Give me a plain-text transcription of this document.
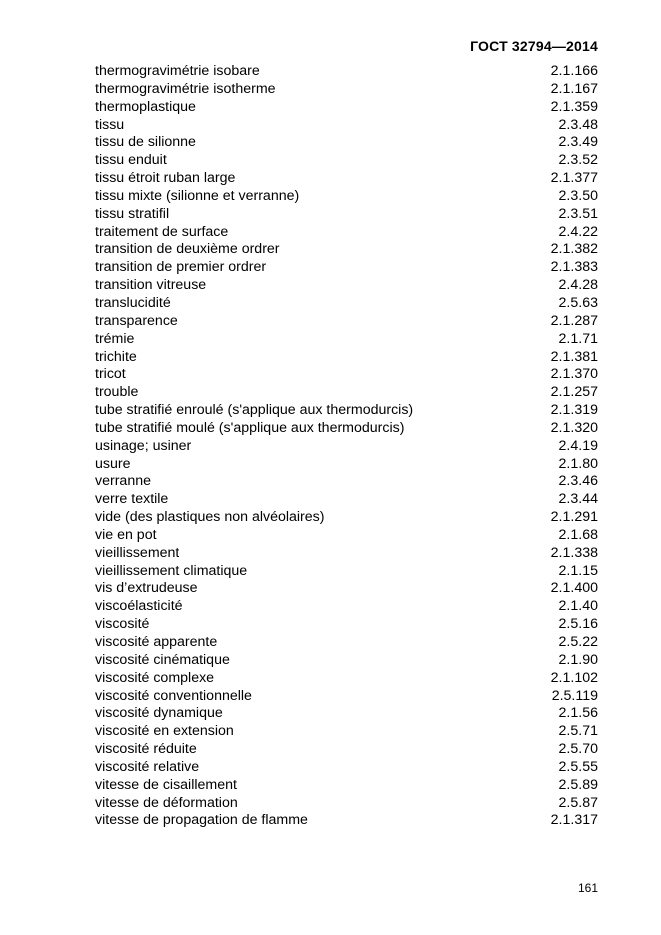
ГОСТ 32794—2014
thermogravimétrie isobare	2.1.166
thermogravimétrie isotherme	2.1.167
thermoplastique	2.1.359
tissu	2.3.48
tissu de silionne	2.3.49
tissu enduit	2.3.52
tissu étroit ruban large	2.1.377
tissu mixte (silionne et verranne)	2.3.50
tissu stratifil	2.3.51
traitement de surface	2.4.22
transition de deuxième ordrer	2.1.382
transition de premier ordrer	2.1.383
transition vitreuse	2.4.28
translucidité	2.5.63
transparence	2.1.287
trémie	2.1.71
trichite	2.1.381
tricot	2.1.370
trouble	2.1.257
tube stratifié enroulé (s'applique aux thermodurcis)	2.1.319
tube stratifié moulé (s'applique aux thermodurcis)	2.1.320
usinage; usiner	2.4.19
usure	2.1.80
verranne	2.3.46
verre textile	2.3.44
vide (des plastiques non alvéolaires)	2.1.291
vie en pot	2.1.68
vieillissement	2.1.338
vieillissement climatique	2.1.15
vis d’extrudeuse	2.1.400
viscoélasticité	2.1.40
viscosité	2.5.16
viscosité apparente	2.5.22
viscosité cinématique	2.1.90
viscosité complexe	2.1.102
viscosité conventionnelle	2.5.119
viscosité dynamique	2.1.56
viscosité en extension	2.5.71
viscosité réduite	2.5.70
viscosité relative	2.5.55
vitesse de cisaillement	2.5.89
vitesse de déformation	2.5.87
vitesse de propagation de flamme	2.1.317
161
